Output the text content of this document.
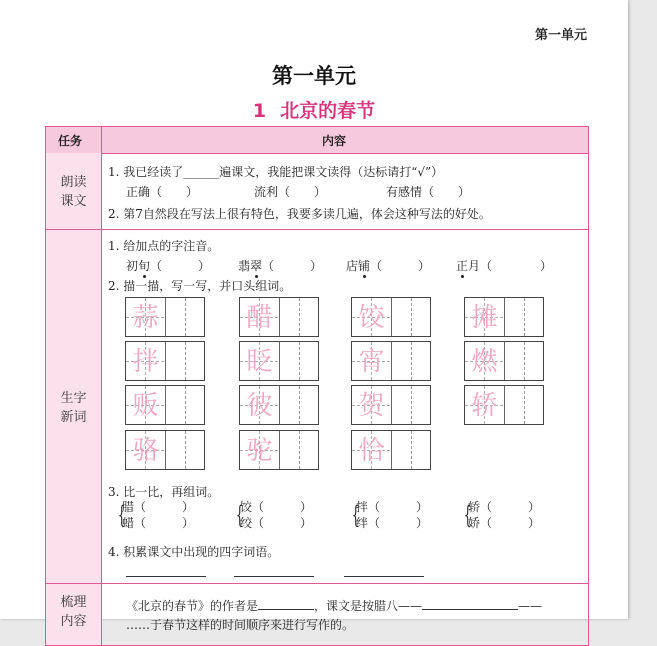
第一单元
第一单元
1 北京的春节
任务	内容
朗读
课文
1. 我已经读了______遍课文，我能把课文读得（达标请打“√”）
正确（　　）	流利（　　）	有感情（　　）
2. 第7自然段在写法上很有特色，我要多读几遍，体会这种写法的好处。
生字
新词
1. 给加点的字注音。
初旬（　　　） 翡翠（　　　） 店铺（　　　） 正月（　　　　）
2. 描一描，写一写，并口头组词。
蒜	醋	饺	摊
拌	眨	宵	燃
贩	彼	贺	轿
骆	驼	恰
3. 比一比，再组词。
{
腊（　　　）
蜡（　　　） {
饺（　　　）
绞（　　　） {
拌（　　　）
绊（　　　） {
轿（　　　）
娇（　　　）
4. 积累课文中出现的四字词语。
梳理
内容
《北京的春节》的作者是	，课文是按腊八——	——
……于春节这样的时间顺序来进行写作的。
